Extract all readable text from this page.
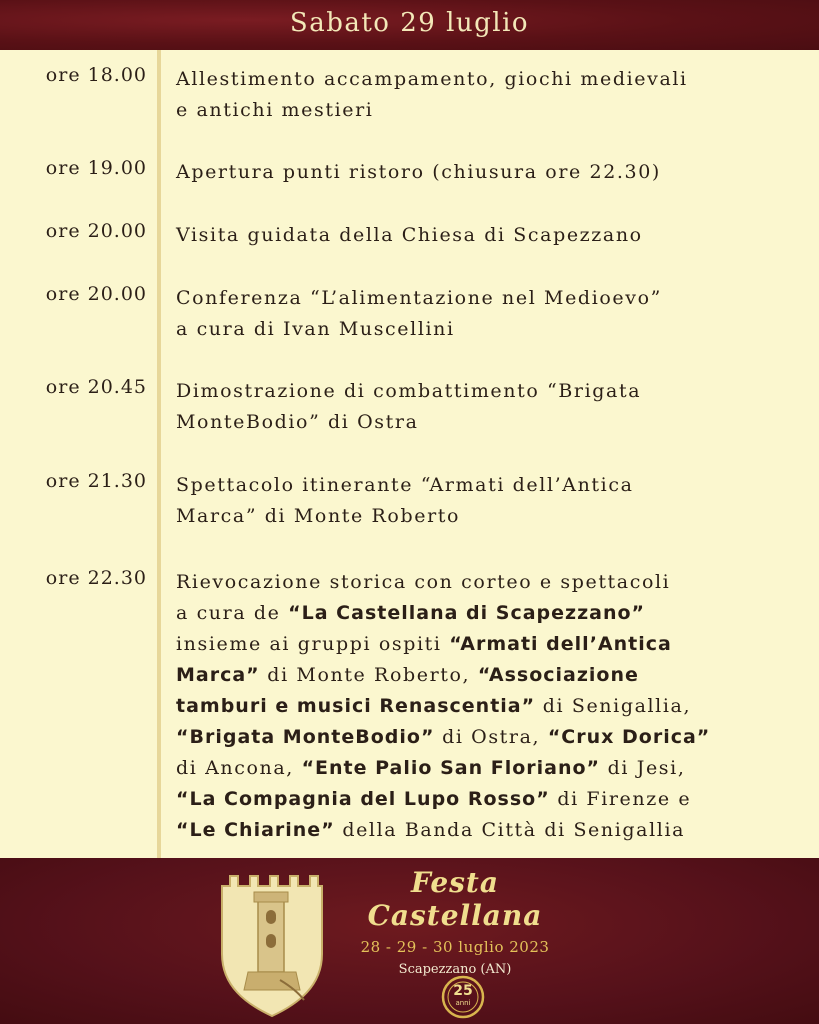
Sabato 29 luglio
ore 18.00 Allestimento accampamento, giochi medievali
e antichi mestieri
ore 19.00 Apertura punti ristoro (chiusura ore 22.30)
ore 20.00 Visita guidata della Chiesa di Scapezzano
ore 20.00 Conferenza “L’alimentazione nel Medioevo”
a cura di Ivan Muscellini
ore 20.45 Dimostrazione di combattimento “Brigata
MonteBodio” di Ostra
ore 21.30 Spettacolo itinerante “Armati dell’Antica
Marca” di Monte Roberto
ore 22.30 Rievocazione storica con corteo e spettacoli
a cura de “La Castellana di Scapezzano”
insieme ai gruppi ospiti “Armati dell’Antica
Marca” di Monte Roberto, “Associazione
tamburi e musici Renascentia” di Senigallia,
“Brigata MonteBodio” di Ostra, “Crux Dorica”
di Ancona, “Ente Palio San Floriano” di Jesi,
“La Compagnia del Lupo Rosso” di Firenze e
“Le Chiarine” della Banda Città di Senigallia
Festa Castellana
28 - 29 - 30 luglio 2023
Scapezzano (AN)
25
anni
